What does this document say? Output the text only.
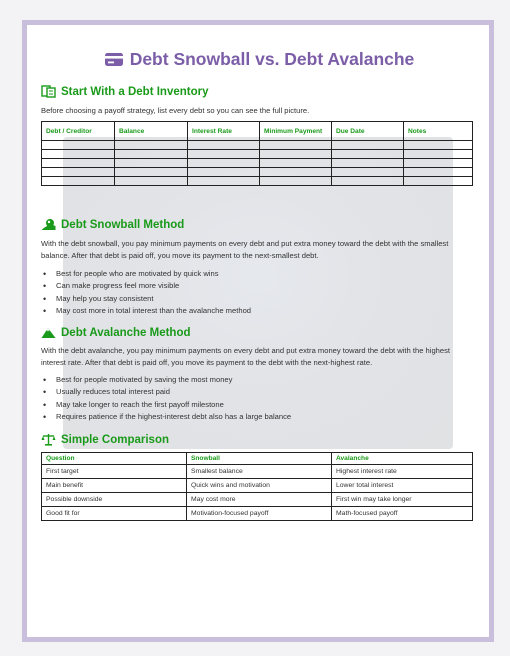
Debt Snowball vs. Debt Avalanche
Start With a Debt Inventory
Before choosing a payoff strategy, list every debt so you can see the full picture.
Debt / Creditor	Balance	Interest Rate	Minimum Payment	Due Date	Notes

Debt Snowball Method
With the debt snowball, you pay minimum payments on every debt and put extra money toward the debt with the smallest balance. After that debt is paid off, you move its payment to the next-smallest debt.
• Best for people who are motivated by quick wins
• Can make progress feel more visible
• May help you stay consistent
• May cost more in total interest than the avalanche method
Debt Avalanche Method
With the debt avalanche, you pay minimum payments on every debt and put extra money toward the debt with the highest interest rate. After that debt is paid off, you move its payment to the debt with the next-highest rate.
• Best for people motivated by saving the most money
• Usually reduces total interest paid
• May take longer to reach the first payoff milestone
• Requires patience if the highest-interest debt also has a large balance
Simple Comparison
Question	Snowball	Avalanche
First target	Smallest balance	Highest interest rate
Main benefit	Quick wins and motivation	Lower total interest
Possible downside	May cost more	First win may take longer
Good fit for	Motivation-focused payoff	Math-focused payoff
